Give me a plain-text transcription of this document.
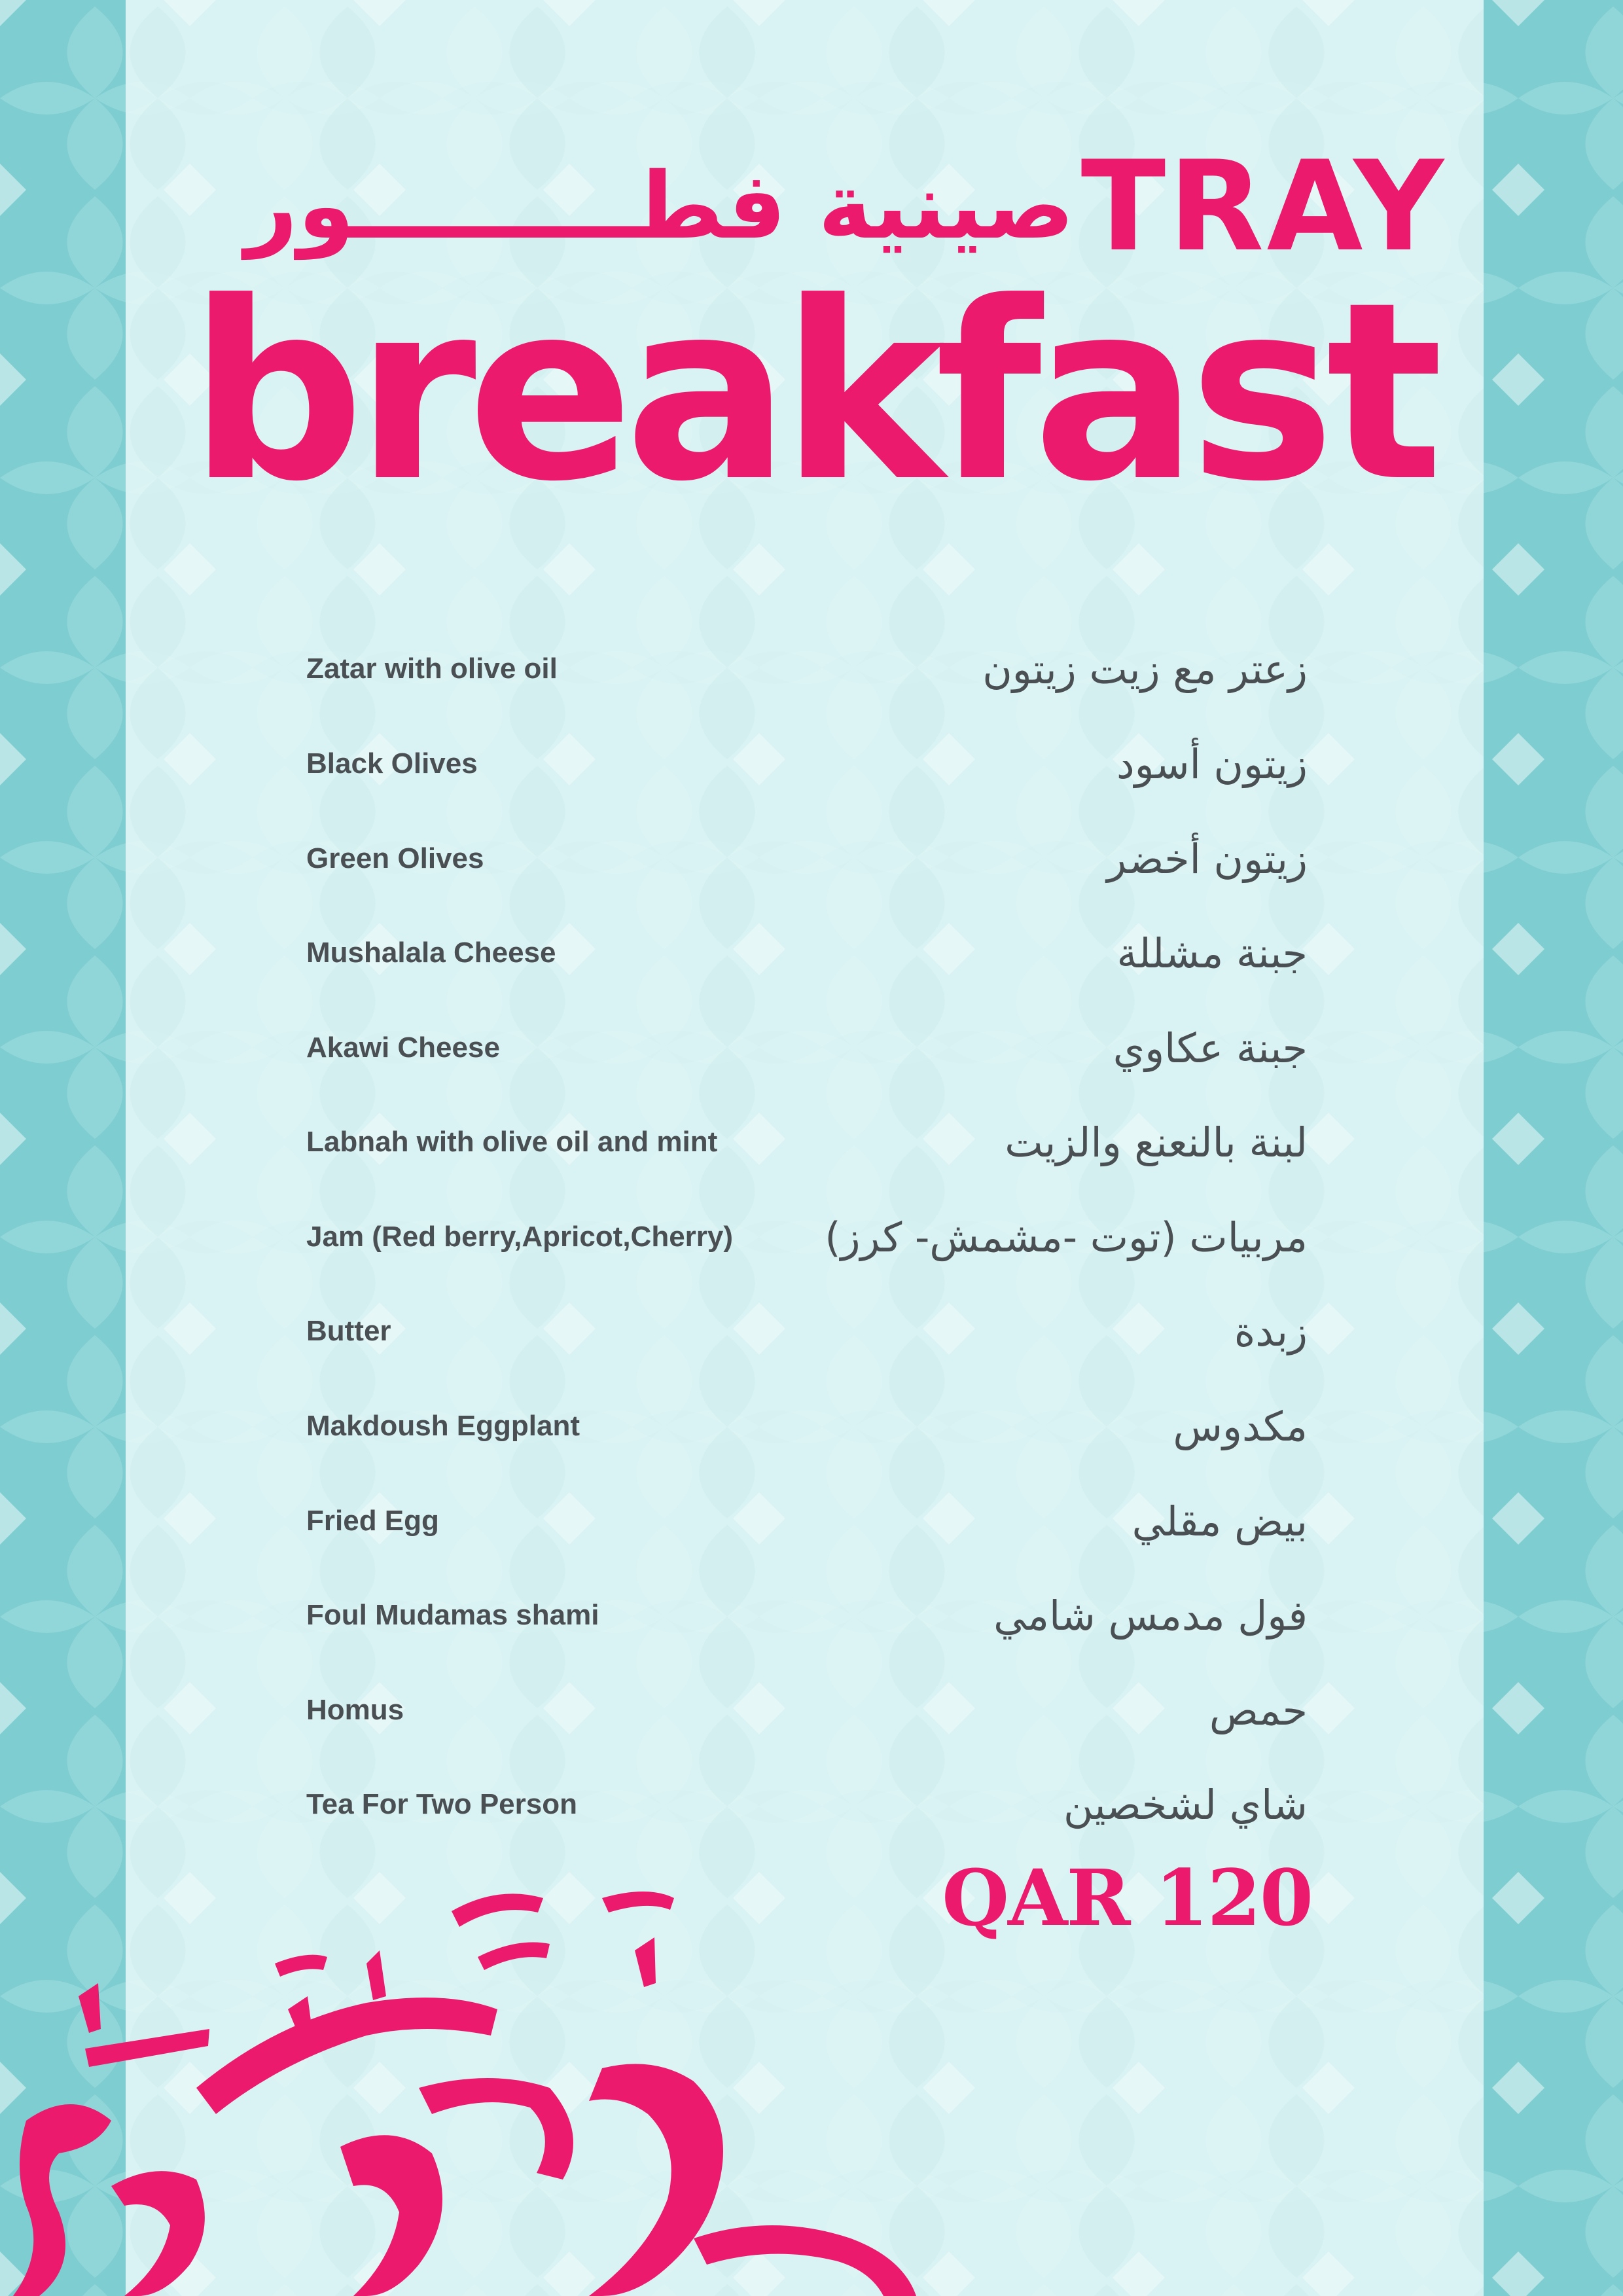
صينية فطـــــــــور TRAY
breakfast
Zatar with olive oil	زعتر مع زيت زيتون
Black Olives	زيتون أسود
Green Olives	زيتون أخضر
Mushalala Cheese	جبنة مشللة
Akawi Cheese	جبنة عكاوي
Labnah with olive oil and mint	لبنة بالنعنع والزيت
Jam (Red berry,Apricot,Cherry) مربيات (توت -مشمش- كرز)
Butter	زبدة
Makdoush Eggplant	مكدوس
Fried Egg	بيض مقلي
Foul Mudamas shami	فول مدمس شامي
Homus	حمص
Tea For Two Person	شاي لشخصين
QAR 120
